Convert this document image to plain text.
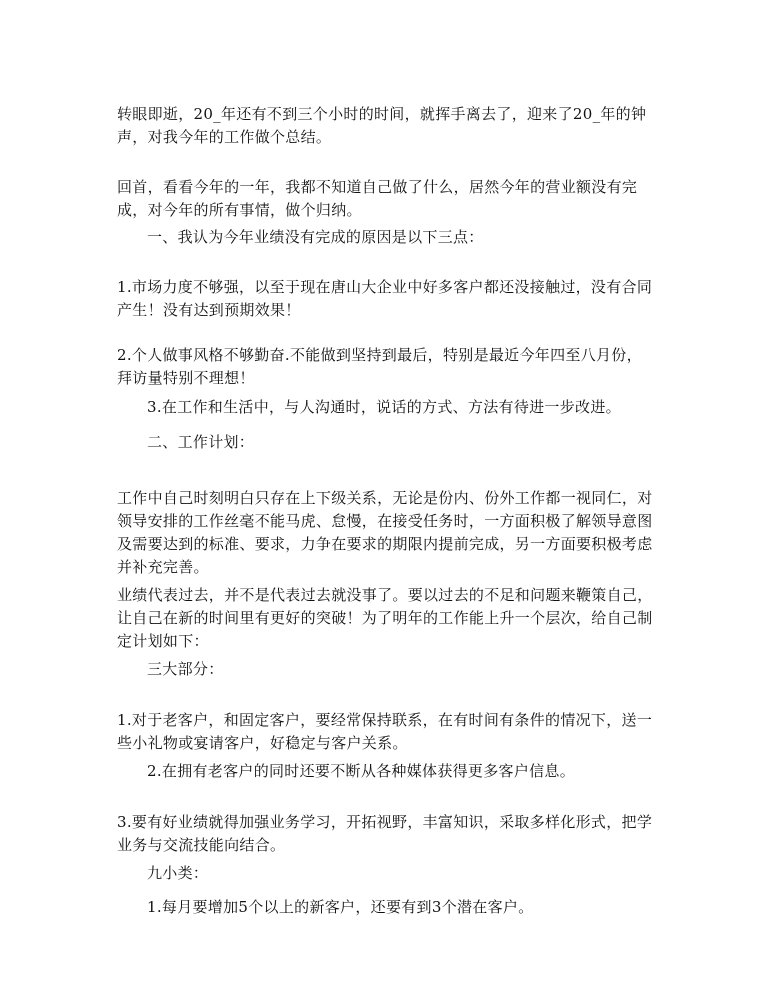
转眼即逝，20_年还有不到三个小时的时间，就挥手离去了，迎来了20_年的钟声，对我今年的工作做个总结。

回首，看看今年的一年，我都不知道自己做了什么，居然今年的营业额没有完成，对今年的所有事情，做个归纳。

一、我认为今年业绩没有完成的原因是以下三点：

1.市场力度不够强，以至于现在唐山大企业中好多客户都还没接触过，没有合同产生！没有达到预期效果！

2.个人做事风格不够勤奋.不能做到坚持到最后，特别是最近今年四至八月份，拜访量特别不理想！

3.在工作和生活中，与人沟通时，说话的方式、方法有待进一步改进。

二、工作计划：

工作中自己时刻明白只存在上下级关系，无论是份内、份外工作都一视同仁，对领导安排的工作丝毫不能马虎、怠慢，在接受任务时，一方面积极了解领导意图及需要达到的标准、要求，力争在要求的期限内提前完成，另一方面要积极考虑并补充完善。

业绩代表过去，并不是代表过去就没事了。要以过去的不足和问题来鞭策自己，让自己在新的时间里有更好的突破！为了明年的工作能上升一个层次，给自己制定计划如下：

三大部分：

1.对于老客户，和固定客户，要经常保持联系，在有时间有条件的情况下，送一些小礼物或宴请客户，好稳定与客户关系。

2.在拥有老客户的同时还要不断从各种媒体获得更多客户信息。

3.要有好业绩就得加强业务学习，开拓视野，丰富知识，采取多样化形式，把学业务与交流技能向结合。

九小类：

1.每月要增加5个以上的新客户，还要有到3个潜在客户。
